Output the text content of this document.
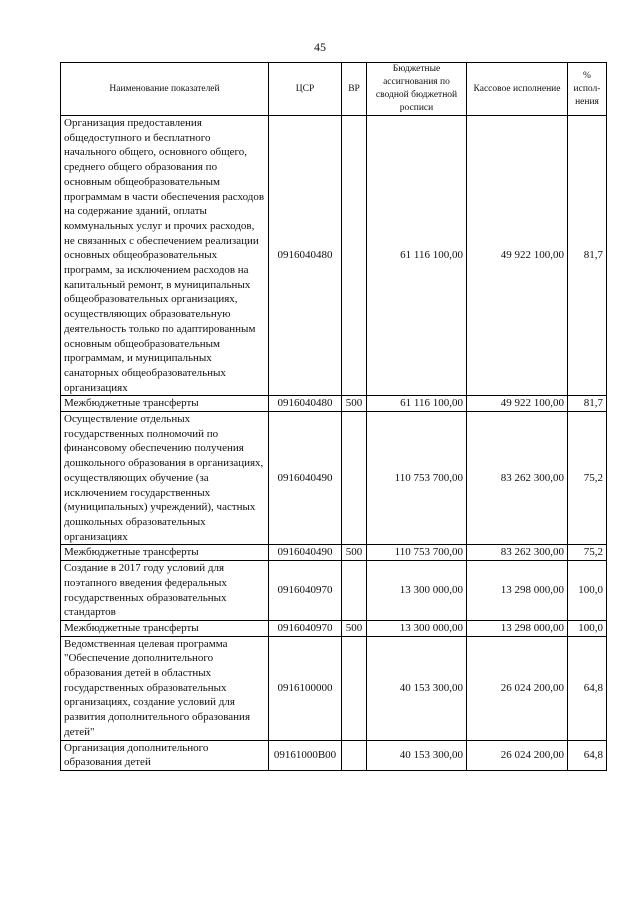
45
Наименование показателей	ЦСР	ВР	Бюджетные ассигнования по сводной бюджетной росписи	Кассовое исполнение	% испол-нения
Организация предоставления общедоступного и бесплатного начального общего, основного общего, среднего общего образования по основным общеобразовательным программам в части обеспечения расходов на содержание зданий, оплаты коммунальных услуг и прочих расходов, не связанных с обеспечением реализации основных общеобразовательных программ, за исключением расходов на капитальный ремонт, в муниципальных общеобразовательных организациях, осуществляющих образовательную деятельность только по адаптированным основным общеобразовательным программам, и муниципальных санаторных общеобразовательных организациях	0916040480		61 116 100,00	49 922 100,00	81,7
Межбюджетные трансферты	0916040480	500	61 116 100,00	49 922 100,00	81,7
Осуществление отдельных государственных полномочий по финансовому обеспечению получения дошкольного образования в организациях, осуществляющих обучение (за исключением государственных (муниципальных) учреждений), частных дошкольных образовательных организациях	0916040490		110 753 700,00	83 262 300,00	75,2
Межбюджетные трансферты	0916040490	500	110 753 700,00	83 262 300,00	75,2
Создание в 2017 году условий для поэтапного введения федеральных государственных образовательных стандартов	0916040970		13 300 000,00	13 298 000,00	100,0
Межбюджетные трансферты	0916040970	500	13 300 000,00	13 298 000,00	100,0
Ведомственная целевая программа "Обеспечение дополнительного образования детей в областных государственных образовательных организациях, создание условий для развития дополнительного образования детей"	0916100000		40 153 300,00	26 024 200,00	64,8
Организация дополнительного образования детей	09161000В00		40 153 300,00	26 024 200,00	64,8
